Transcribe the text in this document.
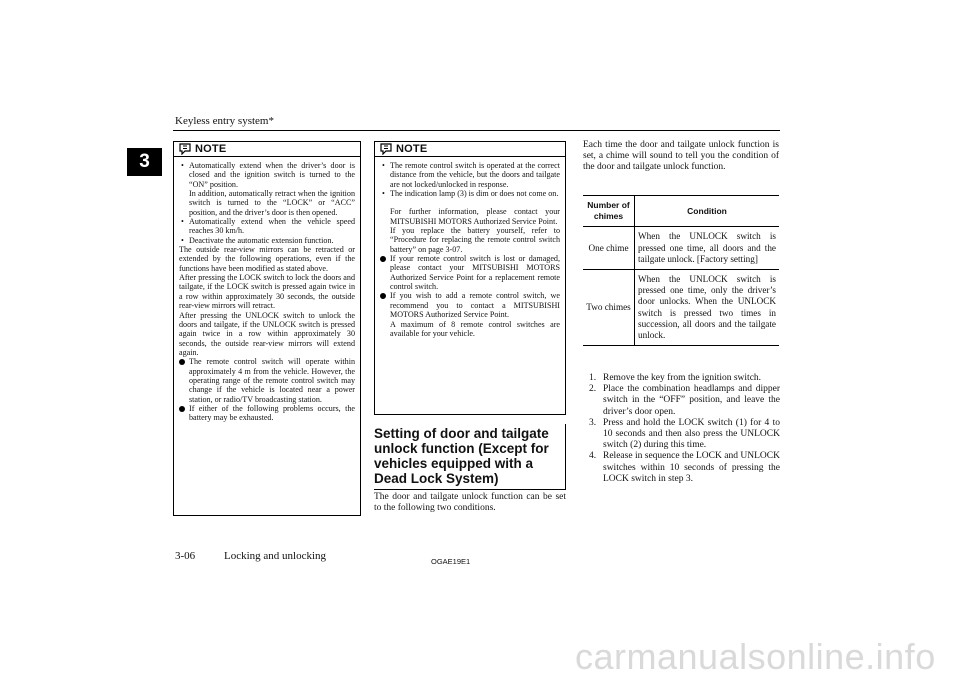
Keyless entry system*
3
NOTE

• Automatically extend when the driver’s door is closed and the ignition switch is turned to the “ON” position.

In addition, automatically retract when the ignition switch is turned to the “LOCK” or “ACC” position, and the driver’s door is then opened.

• Automatically extend when the vehicle speed reaches 30 km/h.

• Deactivate the automatic extension function.

The outside rear-view mirrors can be retracted or extended by the following operations, even if the functions have been modified as stated above.

After pressing the LOCK switch to lock the doors and tailgate, if the LOCK switch is pressed again twice in a row within approximately 30 seconds, the outside rear-view mirrors will retract.

After pressing the UNLOCK switch to unlock the doors and tailgate, if the UNLOCK switch is pressed again twice in a row within approximately 30 seconds, the outside rear-view mirrors will extend again.

The remote control switch will operate within approximately 4 m from the vehicle. However, the operating range of the remote control switch may change if the vehicle is located near a power station, or radio/TV broadcasting station.

If either of the following problems occurs, the battery may be exhausted.

NOTE

• The remote control switch is operated at the correct distance from the vehicle, but the doors and tailgate are not locked/unlocked in response.

• The indication lamp (3) is dim or does not come on.

For further information, please contact your MITSUBISHI MOTORS Authorized Service Point.

If you replace the battery yourself, refer to “Procedure for replacing the remote control switch battery” on page 3-07.

If your remote control switch is lost or damaged, please contact your MITSUBISHI MOTORS Authorized Service Point for a replacement remote control switch.

If you wish to add a remote control switch, we recommend you to contact a MITSUBISHI MOTORS Authorized Service Point.
A maximum of 8 remote control switches are available for your vehicle.

Setting of door and tailgate unlock function (Except for vehicles equipped with a Dead Lock System)

The door and tailgate unlock function can be set to the following two conditions.

Each time the door and tailgate unlock function is set, a chime will sound to tell you the condition of the door and tailgate unlock function.

Number of chimes	Condition
One chime	When the UNLOCK switch is pressed one time, all doors and the tailgate unlock. [Factory setting]
Two chimes	When the UNLOCK switch is pressed one time, only the driver’s door unlocks. When the UNLOCK switch is pressed two times in succession, all doors and the tailgate unlock.
1. Remove the key from the ignition switch.
2. Place the combination headlamps and dipper switch in the “OFF” position, and leave the driver’s door open.
3. Press and hold the LOCK switch (1) for 4 to 10 seconds and then also press the UNLOCK switch (2) during this time.
4. Release in sequence the LOCK and UNLOCK switches within 10 seconds of pressing the LOCK switch in step 3.
3-06	Locking and unlocking	OGAE19E1
carmanualsonline.info
